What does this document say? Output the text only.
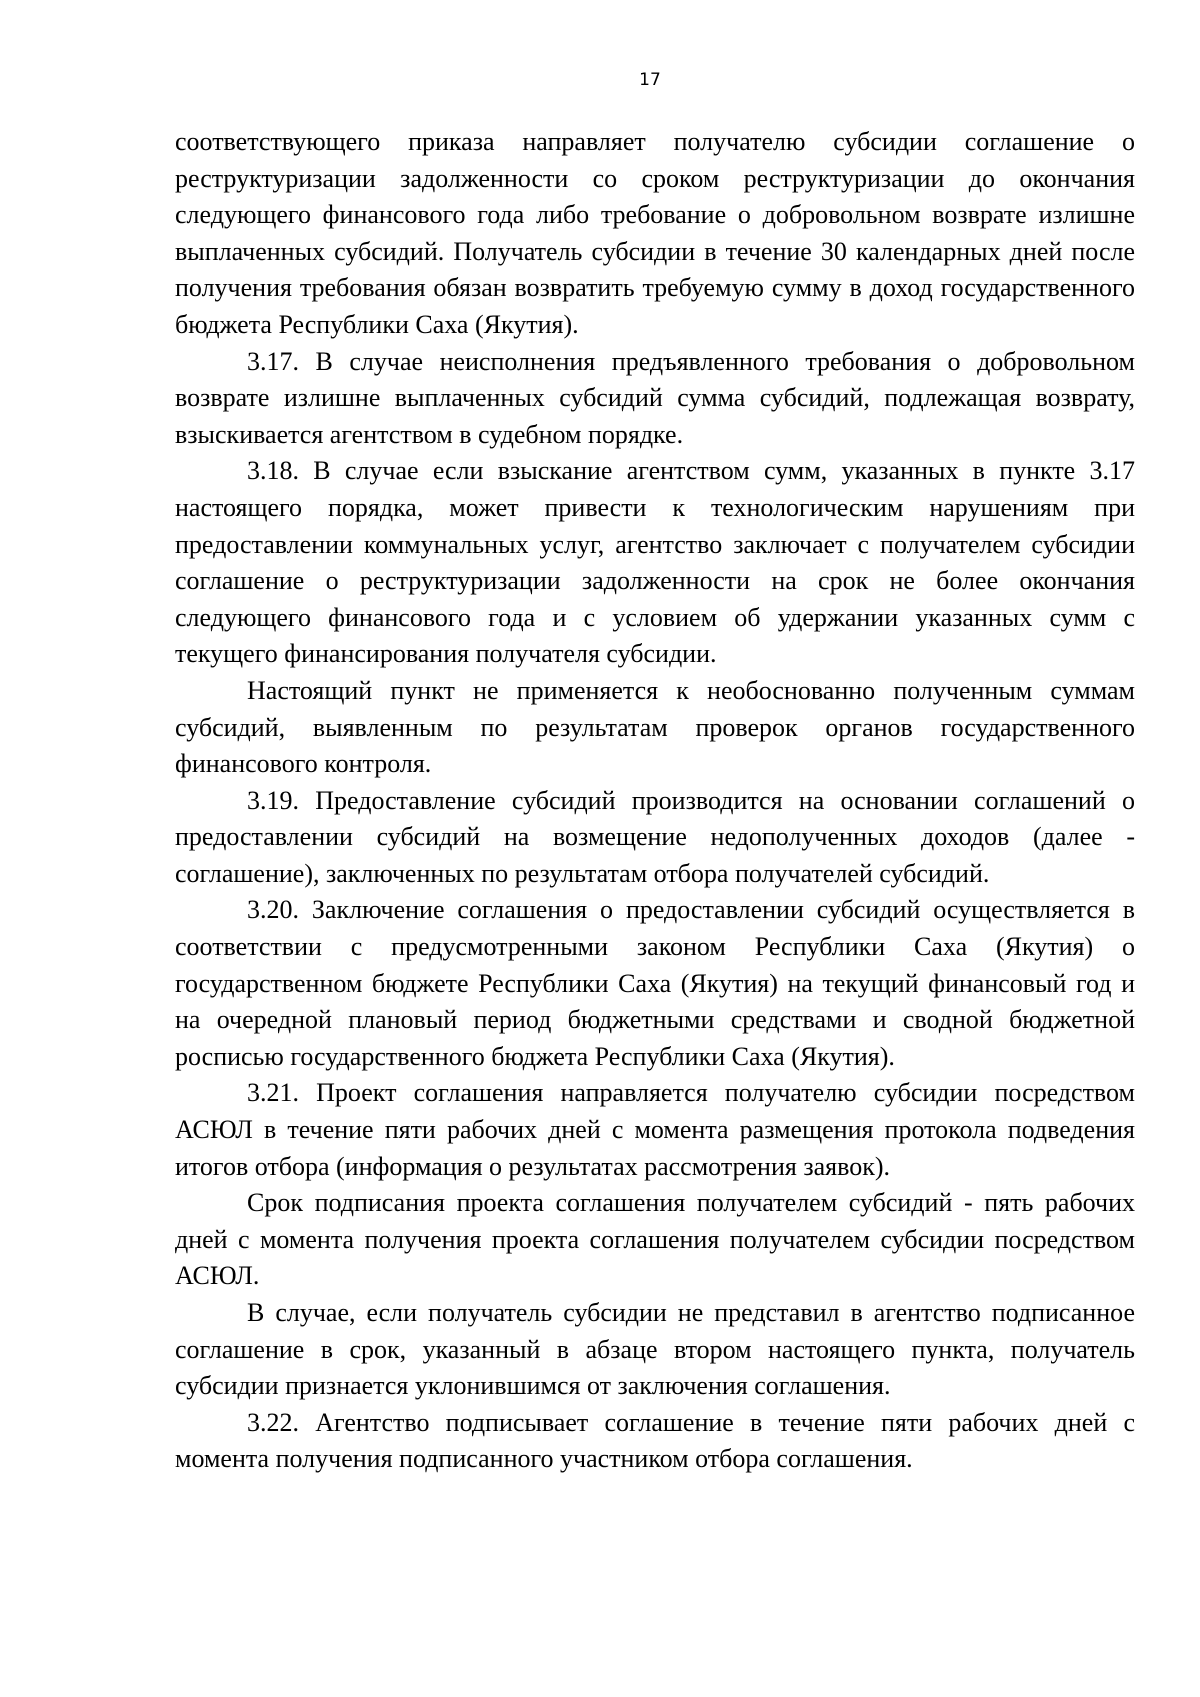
17

соответствующего приказа направляет получателю субсидии соглашение о реструктуризации задолженности со сроком реструктуризации до окончания следующего финансового года либо требование о добровольном возврате излишне выплаченных субсидий. Получатель субсидии в течение 30 календарных дней после получения требования обязан возвратить требуемую сумму в доход государственного бюджета Республики Саха (Якутия).

3.17. В случае неисполнения предъявленного требования о добровольном возврате излишне выплаченных субсидий сумма субсидий, подлежащая возврату, взыскивается агентством в судебном порядке.

3.18. В случае если взыскание агентством сумм, указанных в пункте 3.17 настоящего порядка, может привести к технологическим нарушениям при предоставлении коммунальных услуг, агентство заключает с получателем субсидии соглашение о реструктуризации задолженности на срок не более окончания следующего финансового года и с условием об удержании указанных сумм с текущего финансирования получателя субсидии.

Настоящий пункт не применяется к необоснованно полученным суммам субсидий, выявленным по результатам проверок органов государственного финансового контроля.

3.19. Предоставление субсидий производится на основании соглашений о предоставлении субсидий на возмещение недополученных доходов (далее - соглашение), заключенных по результатам отбора получателей субсидий.

3.20. Заключение соглашения о предоставлении субсидий осуществляется в соответствии с предусмотренными законом Республики Саха (Якутия) о государственном бюджете Республики Саха (Якутия) на текущий финансовый год и на очередной плановый период бюджетными средствами и сводной бюджетной росписью государственного бюджета Республики Саха (Якутия).

3.21. Проект соглашения направляется получателю субсидии посредством АСЮЛ в течение пяти рабочих дней с момента размещения протокола подведения итогов отбора (информация о результатах рассмотрения заявок).

Срок подписания проекта соглашения получателем субсидий - пять рабочих дней с момента получения проекта соглашения получателем субсидии посредством АСЮЛ.

В случае, если получатель субсидии не представил в агентство подписанное соглашение в срок, указанный в абзаце втором настоящего пункта, получатель субсидии признается уклонившимся от заключения соглашения.

3.22. Агентство подписывает соглашение в течение пяти рабочих дней с момента получения подписанного участником отбора соглашения.
